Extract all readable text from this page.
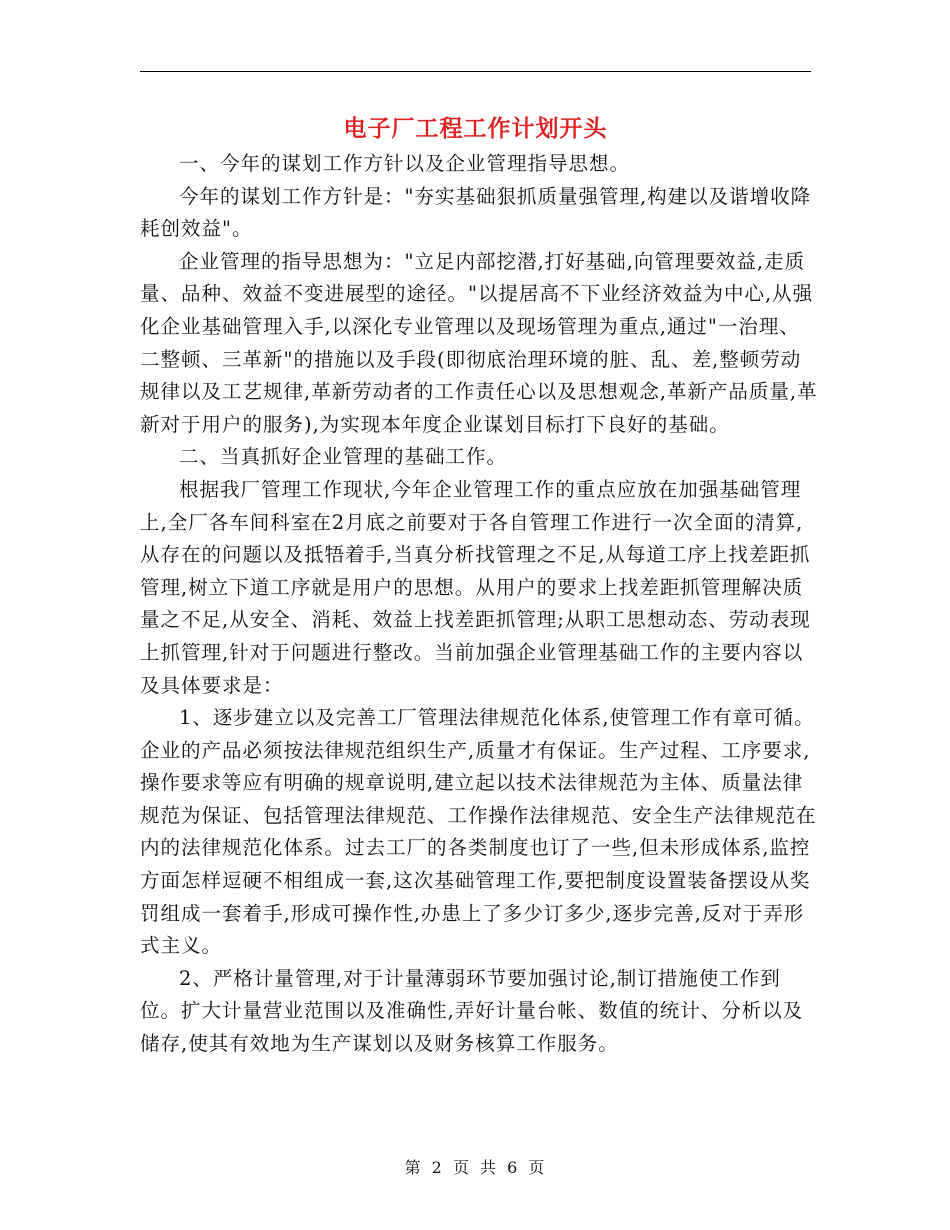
电子厂工程工作计划开头

一、今年的谋划工作方针以及企业管理指导思想。

今年的谋划工作方针是："夯实基础狠抓质量强管理,构建以及谐增收降耗创效益"。

企业管理的指导思想为："立足内部挖潜,打好基础,向管理要效益,走质量、品种、效益不变进展型的途径。"以提居高不下业经济效益为中心,从强化企业基础管理入手,以深化专业管理以及现场管理为重点,通过"一治理、二整顿、三革新"的措施以及手段(即彻底治理环境的脏、乱、差,整顿劳动规律以及工艺规律,革新劳动者的工作责任心以及思想观念,革新产品质量,革新对于用户的服务),为实现本年度企业谋划目标打下良好的基础。

二、当真抓好企业管理的基础工作。

根据我厂管理工作现状,今年企业管理工作的重点应放在加强基础管理上,全厂各车间科室在2月底之前要对于各自管理工作进行一次全面的清算,从存在的问题以及抵牾着手,当真分析找管理之不足,从每道工序上找差距抓管理,树立下道工序就是用户的思想。从用户的要求上找差距抓管理解决质量之不足,从安全、消耗、效益上找差距抓管理;从职工思想动态、劳动表现上抓管理,针对于问题进行整改。当前加强企业管理基础工作的主要内容以及具体要求是：

1、逐步建立以及完善工厂管理法律规范化体系,使管理工作有章可循。企业的产品必须按法律规范组织生产,质量才有保证。生产过程、工序要求,操作要求等应有明确的规章说明,建立起以技术法律规范为主体、质量法律规范为保证、包括管理法律规范、工作操作法律规范、安全生产法律规范在内的法律规范化体系。过去工厂的各类制度也订了一些,但未形成体系,监控方面怎样逗硬不相组成一套,这次基础管理工作,要把制度设置装备摆设从奖罚组成一套着手,形成可操作性,办患上了多少订多少,逐步完善,反对于弄形式主义。

2、严格计量管理,对于计量薄弱环节要加强讨论,制订措施使工作到位。扩大计量营业范围以及准确性,弄好计量台帐、数值的统计、分析以及储存,使其有效地为生产谋划以及财务核算工作服务。

第 2 页 共 6 页
